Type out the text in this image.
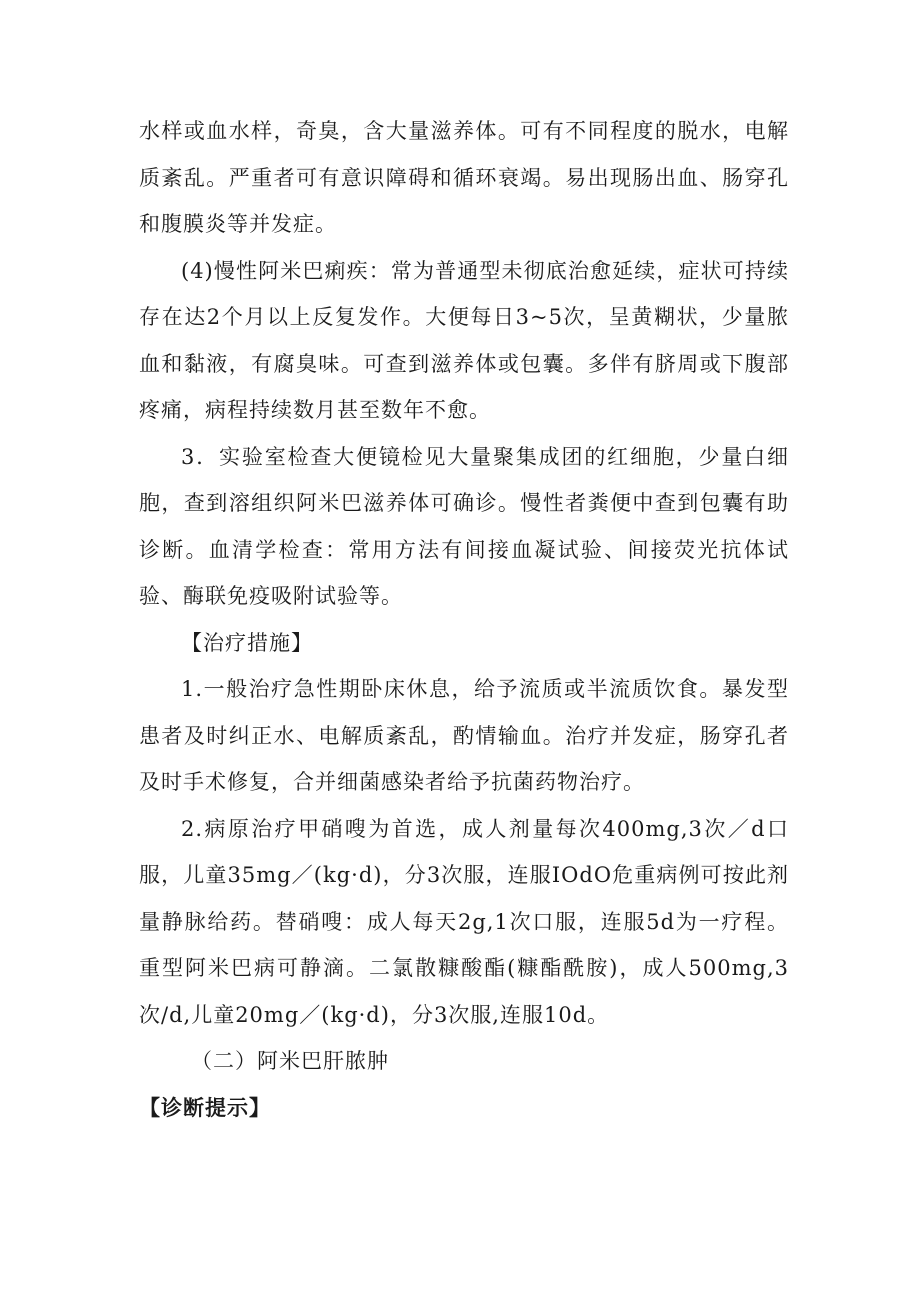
水样或血水样，奇臭，含大量滋养体。可有不同程度的脱水，电解质紊乱。严重者可有意识障碍和循环衰竭。易出现肠出血、肠穿孔和腹膜炎等并发症。

(4)慢性阿米巴痢疾：常为普通型未彻底治愈延续，症状可持续存在达2个月以上反复发作。大便每日3~5次，呈黄糊状，少量脓血和黏液，有腐臭味。可查到滋养体或包囊。多伴有脐周或下腹部疼痛，病程持续数月甚至数年不愈。

3．实验室检查大便镜检见大量聚集成团的红细胞，少量白细胞，查到溶组织阿米巴滋养体可确诊。慢性者粪便中查到包囊有助诊断。血清学检查：常用方法有间接血凝试验、间接荧光抗体试验、酶联免疫吸附试验等。

【治疗措施】

1.一般治疗急性期卧床休息，给予流质或半流质饮食。暴发型患者及时纠正水、电解质紊乱，酌情输血。治疗并发症，肠穿孔者及时手术修复，合并细菌感染者给予抗菌药物治疗。

2.病原治疗甲硝嗖为首选，成人剂量每次400mg,3次／d口服，儿童35mg／(kg·d)，分3次服，连服IOdO危重病例可按此剂量静脉给药。替硝嗖：成人每天2g,1次口服，连服5d为一疗程。重型阿米巴病可静滴。二氯散糠酸酯(糠酯酰胺)，成人500mg,3次/d,儿童20mg／(kg·d)，分3次服,连服10d。

（二）阿米巴肝脓肿

【诊断提示】
